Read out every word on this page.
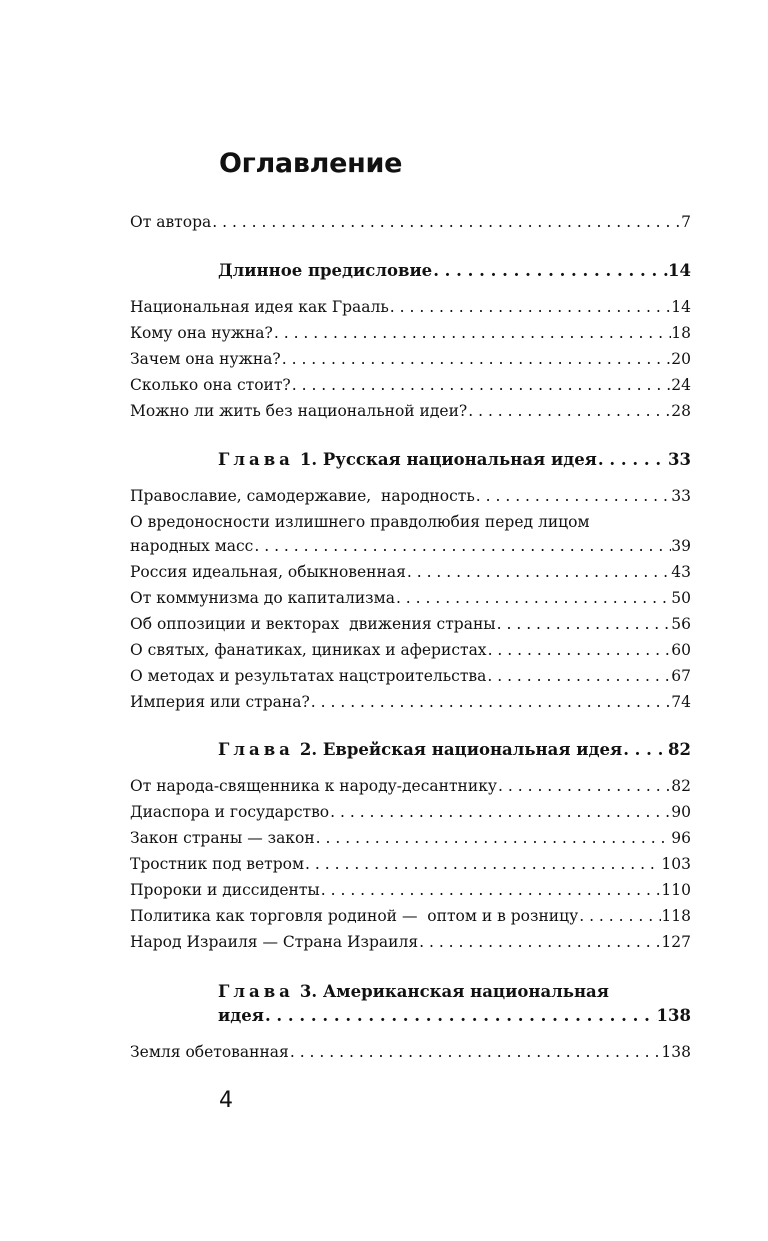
Оглавление
От автора . . .	7
Длинное предисловие . . .	14
Национальная идея как Грааль . . .	14
Кому она нужна? . . .	18
Зачем она нужна? . . .	20
Сколько она стоит? . . .	24
Можно ли жить без национальной идеи? . . .	28
Глава 1. Русская национальная идея . . .	33
Православие, самодержавие,  народность . . .	33
О вредоносности излишнего правдолюбия перед лицом
народных масс . . .	39
Россия идеальная, обыкновенная . . .	43
От коммунизма до капитализма . . .	50
Об оппозиции и векторах  движения страны . . .	56
О святых, фанатиках, циниках и аферистах . . .	60
О методах и результатах нацстроительства . . .	67
Империя или страна? . . .	74
Глава 2. Еврейская национальная идея . . .	82
От народа-священника к народу-десантнику . . .	82
Диаспора и государство . . .	90
Закон страны — закон . . .	96
Тростник под ветром . . .	103
Пророки и диссиденты . . .	110
Политика как торговля родиной —  оптом и в розницу . . .	118
Народ Израиля — Страна Израиля . . .	127
Глава 3. Американская национальная
идея . . .	138
Земля обетованная . . .	138
4
